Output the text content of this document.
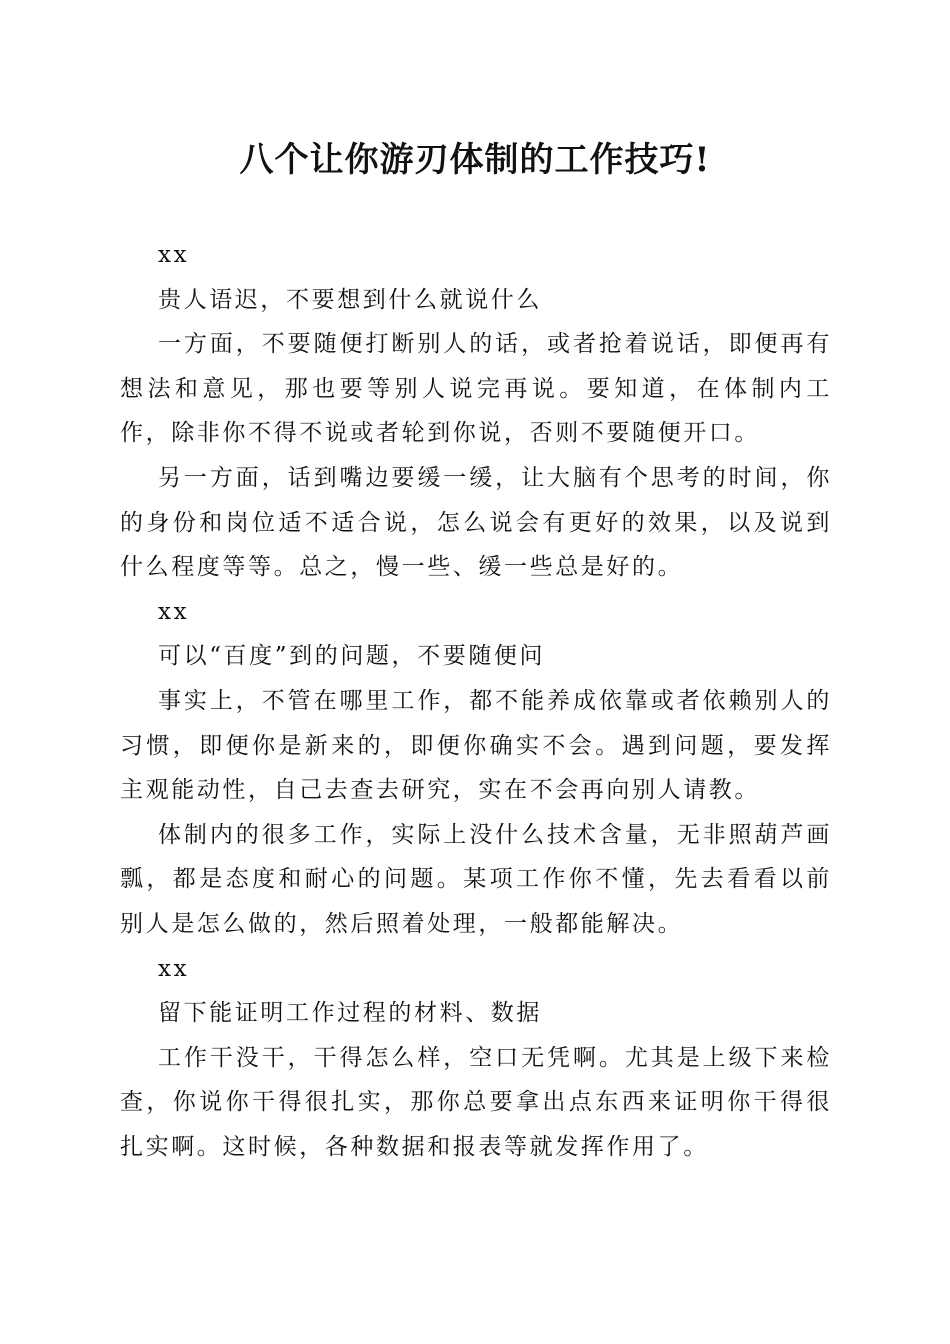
八个让你游刃体制的工作技巧!

xx

贵人语迟，不要想到什么就说什么

一方面，不要随便打断别人的话，或者抢着说话，即便再有想法和意见，那也要等别人说完再说。要知道，在体制内工作，除非你不得不说或者轮到你说，否则不要随便开口。

另一方面，话到嘴边要缓一缓，让大脑有个思考的时间，你的身份和岗位适不适合说，怎么说会有更好的效果，以及说到什么程度等等。总之，慢一些、缓一些总是好的。

xx

可以“百度”到的问题，不要随便问

事实上，不管在哪里工作，都不能养成依靠或者依赖别人的习惯，即便你是新来的，即便你确实不会。遇到问题，要发挥主观能动性，自己去查去研究，实在不会再向别人请教。

体制内的很多工作，实际上没什么技术含量，无非照葫芦画瓢，都是态度和耐心的问题。某项工作你不懂，先去看看以前别人是怎么做的，然后照着处理，一般都能解决。

xx

留下能证明工作过程的材料、数据

工作干没干，干得怎么样，空口无凭啊。尤其是上级下来检查，你说你干得很扎实，那你总要拿出点东西来证明你干得很扎实啊。这时候，各种数据和报表等就发挥作用了。
